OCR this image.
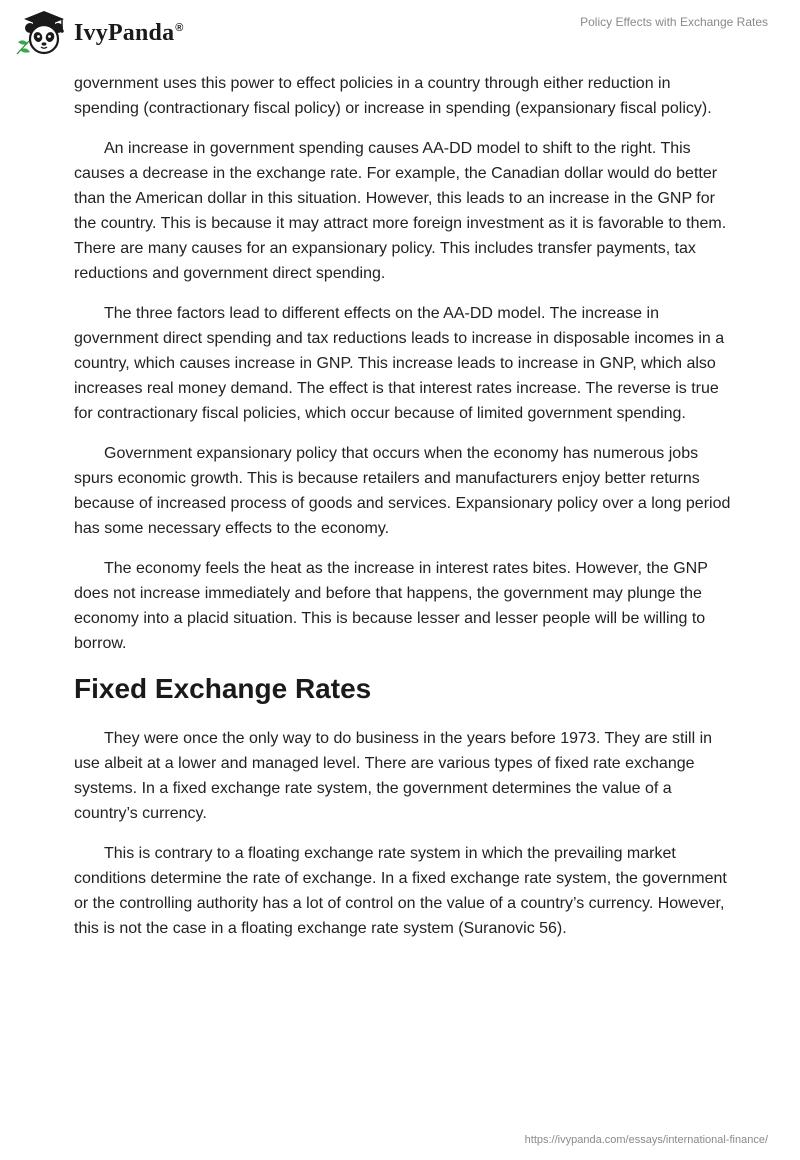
IvyPanda®	Policy Effects with Exchange Rates

government uses this power to effect policies in a country through either reduction in spending (contractionary fiscal policy) or increase in spending (expansionary fiscal policy).

An increase in government spending causes AA-DD model to shift to the right. This causes a decrease in the exchange rate. For example, the Canadian dollar would do better than the American dollar in this situation. However, this leads to an increase in the GNP for the country. This is because it may attract more foreign investment as it is favorable to them. There are many causes for an expansionary policy. This includes transfer payments, tax reductions and government direct spending.

The three factors lead to different effects on the AA-DD model. The increase in government direct spending and tax reductions leads to increase in disposable incomes in a country, which causes increase in GNP. This increase leads to increase in GNP, which also increases real money demand. The effect is that interest rates increase. The reverse is true for contractionary fiscal policies, which occur because of limited government spending.

Government expansionary policy that occurs when the economy has numerous jobs spurs economic growth. This is because retailers and manufacturers enjoy better returns because of increased process of goods and services. Expansionary policy over a long period has some necessary effects to the economy.

The economy feels the heat as the increase in interest rates bites. However, the GNP does not increase immediately and before that happens, the government may plunge the economy into a placid situation. This is because lesser and lesser people will be willing to borrow.

Fixed Exchange Rates

They were once the only way to do business in the years before 1973. They are still in use albeit at a lower and managed level. There are various types of fixed rate exchange systems. In a fixed exchange rate system, the government determines the value of a country’s currency.

This is contrary to a floating exchange rate system in which the prevailing market conditions determine the rate of exchange. In a fixed exchange rate system, the government or the controlling authority has a lot of control on the value of a country’s currency. However, this is not the case in a floating exchange rate system (Suranovic 56).

https://ivypanda.com/essays/international-finance/
